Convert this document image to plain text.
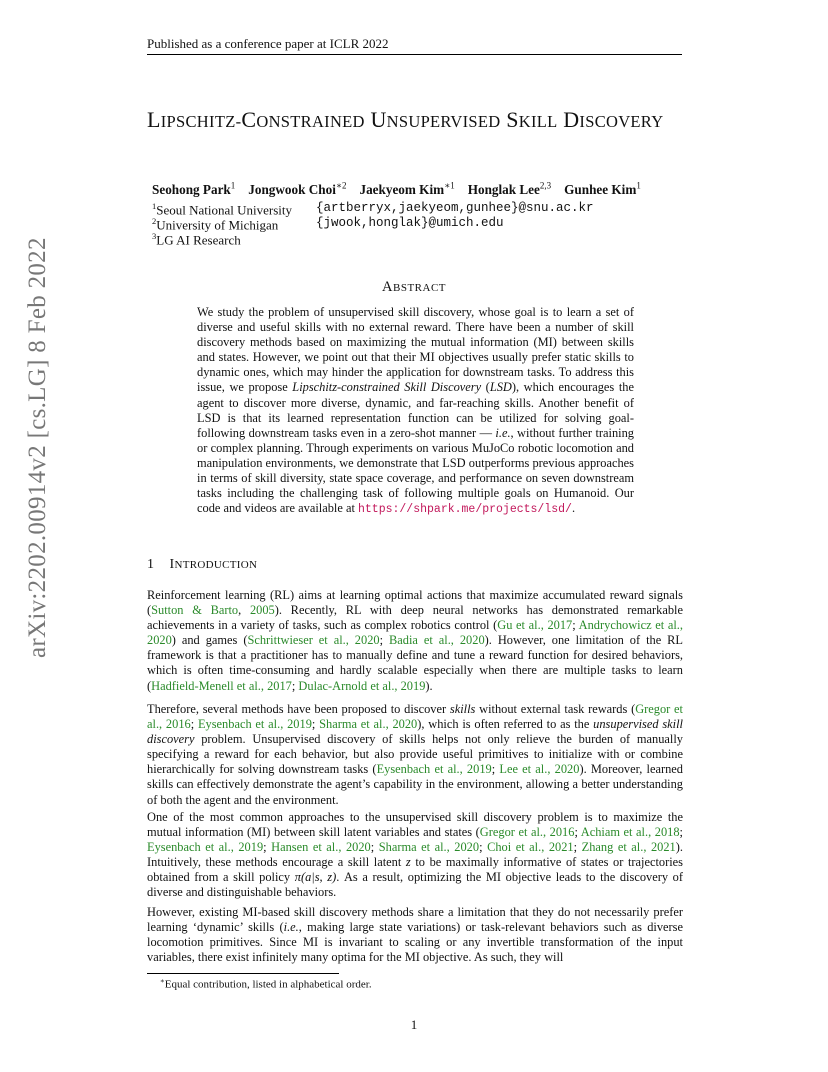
Published as a conference paper at ICLR 2022
arXiv:2202.00914v2 [cs.LG] 8 Feb 2022
LIPSCHITZ-CONSTRAINED UNSUPERVISED SKILL DISCOVERY
Seohong Park$^1$ Jongwook Choi$^{∗2}$ Jaekyeom Kim$^{∗1}$ Honglak Lee$^{2,3}$ Gunhee Kim$^1$
$^1$Seoul National University
$^2$University of Michigan
$^3$LG AI Research
{artberryx,jaekyeom,gunhee}@snu.ac.kr
{jwook,honglak}@umich.edu
ABSTRACT

We study the problem of unsupervised skill discovery, whose goal is to learn a set of diverse and useful skills with no external reward. There have been a number of skill discovery methods based on maximizing the mutual information (MI) between skills and states. However, we point out that their MI objectives usually prefer static skills to dynamic ones, which may hinder the application for downstream tasks. To address this issue, we propose Lipschitz-constrained Skill Discovery (LSD), which encourages the agent to discover more diverse, dynamic, and far-reaching skills. Another benefit of LSD is that its learned representation function can be utilized for solving goal-following downstream tasks even in a zero-shot manner — i.e., without further training or complex planning. Through experiments on various MuJoCo robotic locomotion and manipulation environments, we demonstrate that LSD outperforms previous approaches in terms of skill diversity, state space coverage, and performance on seven downstream tasks including the challenging task of following multiple goals on Humanoid. Our code and videos are available at https://shpark.me/projects/lsd/.

1 INTRODUCTION

Reinforcement learning (RL) aims at learning optimal actions that maximize accumulated reward signals (Sutton & Barto, 2005). Recently, RL with deep neural networks has demonstrated remarkable achievements in a variety of tasks, such as complex robotics control (Gu et al., 2017; Andrychowicz et al., 2020) and games (Schrittwieser et al., 2020; Badia et al., 2020). However, one limitation of the RL framework is that a practitioner has to manually define and tune a reward function for desired behaviors, which is often time-consuming and hardly scalable especially when there are multiple tasks to learn (Hadfield-Menell et al., 2017; Dulac-Arnold et al., 2019).

Therefore, several methods have been proposed to discover skills without external task rewards (Gregor et al., 2016; Eysenbach et al., 2019; Sharma et al., 2020), which is often referred to as the unsupervised skill discovery problem. Unsupervised discovery of skills helps not only relieve the burden of manually specifying a reward for each behavior, but also provide useful primitives to initialize with or combine hierarchically for solving downstream tasks (Eysenbach et al., 2019; Lee et al., 2020). Moreover, learned skills can effectively demonstrate the agent’s capability in the environment, allowing a better understanding of both the agent and the environment.

One of the most common approaches to the unsupervised skill discovery problem is to maximize the mutual information (MI) between skill latent variables and states (Gregor et al., 2016; Achiam et al., 2018; Eysenbach et al., 2019; Hansen et al., 2020; Sharma et al., 2020; Choi et al., 2021; Zhang et al., 2021). Intuitively, these methods encourage a skill latent z to be maximally informative of states or trajectories obtained from a skill policy π(a|s, z). As a result, optimizing the MI objective leads to the discovery of diverse and distinguishable behaviors.

However, existing MI-based skill discovery methods share a limitation that they do not necessarily prefer learning ‘dynamic’ skills (i.e., making large state variations) or task-relevant behaviors such as diverse locomotion primitives. Since MI is invariant to scaling or any invertible transformation of the input variables, there exist infinitely many optima for the MI objective. As such, they will

∗Equal contribution, listed in alphabetical order.
1
